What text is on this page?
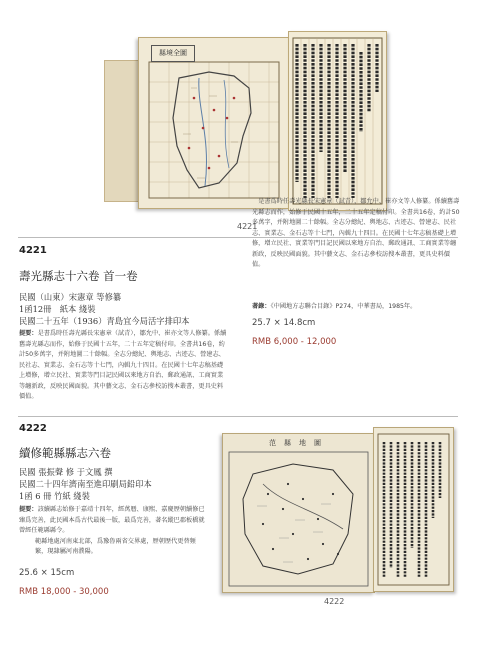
縣境全圖
4221
4221
壽光縣志十六卷 首一卷
民國（山東）宋憲章 等修纂
1函12冊　紙本 綫裝
民國二十五年（1936）青島宜今局活字排印本
提要：是書爲時任壽光縣長宋憲章（試青），鄒允中、崔亦文等人修纂。係續舊壽光縣志而作，始修于民國十五年，二十五年定稿付印。全書共16卷，約計50多萬字，并附地圖二十餘幅。全志分總紀、輿地志、古迹志、營建志、民社志、實業志、金石志等十七門，內輯九十四目。在民國十七年志稿基礎上增修，增立民社、實業等門目記民國以來地方自治、郵政通訊、工商實業等纏新政，反映民國面貌。其中藝文志、金石志參校訪搜本叢書，更具史料價值。
　是書爲時任壽光縣長宋憲章（試青），鄒允中、崔亦文等人修纂。係續舊壽光縣志而作，始修于民國十五年，二十五年定稿付印。全書共16卷，約計50多萬字，并附地圖二十餘幅。全志分總紀、輿地志、古迹志、營建志、民社志、實業志、金石志等十七門，內輯九十四目。在民國十七年志稿基礎上增修，增立民社、實業等門目記民國以來地方自治、郵政通訊、工商實業等纏新政，反映民國面貌。其中藝文志、金石志參校訪搜本叢書，更具史料價值。
著錄：《中國地方志聯合目錄》P274，中華書局，1985年。
25.7 × 14.8cm
RMB 6,000 - 12,000
4222
續修範縣縣志六卷
民國 張振聲 修 于文鳳 撰
民國二十四年濟南至進印刷局鉛印本
1函 6 冊 竹紙 綫裝
提要：該續縣志始修于嘉靖十四年，經萬曆、康熙、嘉慶歷朝續修已臻爲完善，此民國本爲古代最後一版，最爲完善，著名縱巴郡板橋就曾經任範縣縣令。
範縣地處河南東北部，爲豫魯兩省交界處，歷朝歷代更替頻繁，現隸屬河南濮陽。
25.6 × 15cm
RMB 18,000 - 30,000
范縣地圖
4222
